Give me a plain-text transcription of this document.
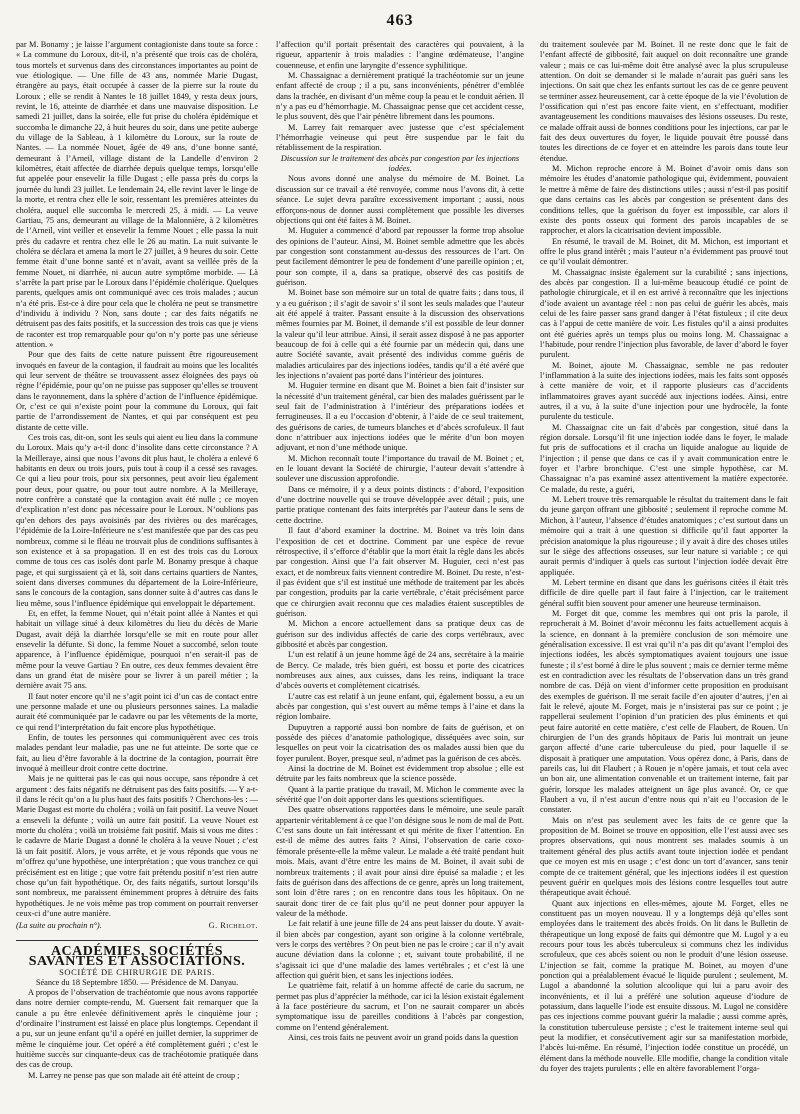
463

par M. Bonamy ; je laisse l’argument contagioniste dans toute sa force : « La commune du Loroux, dit-il, n’a présenté que trois cas de choléra, tous mortels et survenus dans des circonstances importantes au point de vue étiologique. — Une fille de 43 ans, nommée Marie Dugast, étrangère au pays, était occupée à casser de la pierre sur la route du Loroux ; elle se rendit à Nantes le 18 juillet 1849, y resta deux jours, revint, le 16, atteinte de diarrhée et dans une mauvaise disposition. Le samedi 21 juillet, dans la soirée, elle fut prise du choléra épidémique et succomba le dimanche 22, à huit heures du soir, dans une petite auberge du village de la Sableau, à 1 kilomètre du Loroux, sur la route de Nantes. — La nommée Nouet, âgée de 49 ans, d’une bonne santé, demeurant à l’Arneil, village distant de la Landelle d’environ 2 kilomètres, était affectée de diarrhée depuis quelque temps, lorsqu’elle fut appelée pour ensevelir la fille Dugast ; elle passa près du corps la journée du lundi 23 juillet. Le lendemain 24, elle revint laver le linge de la morte, et rentra chez elle le soir, ressentant les premières atteintes du choléra, auquel elle succomba le mercredi 25, à midi. — La veuve Gartiau, 75 ans, demeurant au village de la Malonnière, à 2 kilomètres de l’Arneil, vint veiller et ensevelir la femme Nouet ; elle passa la nuit près du cadavre et rentra chez elle le 26 au matin. La nuit suivante le choléra se déclara et amena la mort le 27 juillet, à 9 heures du soir. Cette femme était d’une bonne santé et n’avait, avant sa veillée près de la femme Nouet, ni diarrhée, ni aucun autre symptôme morbide. — Là s’arrête la part prise par le Loroux dans l’épidémie cholérique. Quelques parents, quelques amis ont communiqué avec ces trois malades ; aucun n’a été pris. Est-ce à dire pour cela que le choléra ne peut se transmettre d’individu à individu ? Non, sans doute ; car des faits négatifs ne détruisent pas des faits positifs, et la succession des trois cas que je viens de raconter est trop remarquable pour qu’on n’y porte pas une sérieuse attention. »

Pour que des faits de cette nature puissent être rigoureusement invoqués en faveur de la contagion, il faudrait au moins que les localités qui leur servent de théâtre se trouvassent assez éloignées des pays où règne l’épidémie, pour qu’on ne puisse pas supposer qu’elles se trouvent dans le rayonnement, dans la sphère d’action de l’influence épidémique. Or, c’est ce qui n’existe point pour la commune du Loroux, qui fait partie de l’arrondissement de Nantes, et qui par conséquent est peu distante de cette ville.

Ces trois cas, dit-on, sont les seuls qui aient eu lieu dans la commune du Loroux. Mais qu’y a-t-il donc d’insolite dans cette circonstance ? A la Meilleraye, ainsi que nous l’avons dit plus haut, le choléra a enlevé 6 habitants en deux ou trois jours, puis tout à coup il a cessé ses ravages. Ce qui a lieu pour trois, pour six personnes, peut avoir lieu également pour deux, pour quatre, ou pour tout autre nombre. A la Meilleraye, notre confrère a constaté que la contagion avait été nulle ; ce moyen d’explication n’est donc pas nécessaire pour le Loroux. N’oublions pas qu’en dehors des pays avoisinés par des rivières ou des marécages, l’épidémie de la Loire-Inférieure ne s’est manifestée que par des cas peu nombreux, comme si le fléau ne trouvait plus de conditions suffisantes à son existence et à sa propagation. Il en est des trois cas du Loroux comme de tous ces cas isolés dont parle M. Bonamy presque à chaque page, et qui surgissaient çà et là, soit dans certains quartiers de Nantes, soient dans diverses communes du département de la Loire-Inférieure, sans le concours de la contagion, sans donner suite à d’autres cas dans le lieu même, sous l’influence épidémique qui enveloppait le département.

Et, en effet, la femme Nouet, qui n’était point allée à Nantes et qui habitait un village situé à deux kilomètres du lieu du décès de Marie Dugast, avait déjà la diarrhée lorsqu’elle se mit en route pour aller ensevelir la défunte. Si donc, la femme Nouet a succombé, selon toute apparence, à l’influence épidémique, pourquoi n’en serait-il pas de même pour la veuve Gartiau ? En outre, ces deux femmes devaient être dans un grand état de misère pour se livrer à un pareil métier ; la dernière avait 75 ans.

Il faut noter encore qu’il ne s’agit point ici d’un cas de contact entre une personne malade et une ou plusieurs personnes saines. La maladie aurait été communiquée par le cadavre ou par les vêtements de la morte, ce qui rend l’interprétation du fait encore plus hypothétique.

Enfin, de toutes les personnes qui communiquèrent avec ces trois malades pendant leur maladie, pas une ne fut atteinte. De sorte que ce fait, au lieu d’être favorable à la doctrine de la contagion, pourrait être invoqué à meilleur droit contre cette doctrine.

Mais je ne quitterai pas le cas qui nous occupe, sans répondre à cet argument : des faits négatifs ne détruisent pas des faits positifs. — Y a-t-il dans le récit qu’on a lu plus haut des faits positifs ? Cherchons-les : — Marie Dugast est morte du choléra ; voilà un fait positif. La veuve Nouet a enseveli la défunte ; voilà un autre fait positif. La veuve Nouet est morte du choléra ; voilà un troisième fait positif. Mais si vous me dites : le cadavre de Marie Dugast a donné le choléra à la veuve Nouet ; c’est là un fait positif. Alors, je vous arrête, et je vous réponds que vous ne m’offrez qu’une hypothèse, une interprétation ; que vous tranchez ce qui précisément est en litige ; que votre fait prétendu positif n’est rien autre chose qu’un fait hypothétique. Or, des faits négatifs, surtout lorsqu’ils sont nombreux, me paraissent éminemment propres à détruire des faits hypothétiques. Je ne vois même pas trop comment on pourrait renverser ceux-ci d’une autre manière.

(La suite au prochain n°).	G. Richelot.

ACADÉMIES, SOCIÉTÉS SAVANTES ET ASSOCIATIONS.

SOCIÉTÉ DE CHIRURGIE DE PARIS.

Séance du 18 Septembre 1850. — Présidence de M. Danyau.

A propos de l’observation de trachéotomie que nous avons rapportée dans notre dernier compte-rendu, M. Guersent fait remarquer que la canule a pu être enlevée définitivement après le cinquième jour ; d’ordinaire l’instrument est laissé en place plus longtemps. Cependant il a pu, sur un jeune enfant qu’il a opéré en juillet dernier, la supprimer de même le cinquième jour. Cet opéré a été complètement guéri ; c’est le huitième succès sur cinquante-deux cas de trachéotomie pratiquée dans des cas de croup.

M. Larrey ne pense pas que son malade ait été atteint de croup ;

l’affection qu’il portait présentait des caractères qui pouvaient, à la rigueur, appartenir à trois maladies : l’angine œdémateuse, l’angine couenneuse, et enfin une laryngite d’essence syphilitique.

M. Chassaignac a dernièrement pratiqué la trachéotomie sur un jeune enfant affecté de croup ; il a pu, sans inconvénients, pénétrer d’emblée dans la trachée, en divisant d’un même coup la peau et le conduit aérien. Il n’y a pas eu d’hémorrhagie. M. Chassaignac pense que cet accident cesse, le plus souvent, dès que l’air pénètre librement dans les poumons.

M. Larrey fait remarquer avec justesse que c’est spécialement l’hémorrhagie veineuse qui peut être suspendue par le fait du rétablissement de la respiration.

Discussion sur le traitement des abcès par congestion par les injections iodées.

Nous avons donné une analyse du mémoire de M. Boinet. La discussion sur ce travail a été renvoyée, comme nous l’avons dit, à cette séance. Le sujet devra paraître excessivement important ; aussi, nous efforçons-nous de donner aussi complètement que possible les diverses objections qui ont été faites à M. Boinet.

M. Huguier a commencé d’abord par repousser la forme trop absolue des opinions de l’auteur. Ainsi, M. Boinet semble admettre que les abcès par congestion sont constamment au-dessus des ressources de l’art. On peut facilement démontrer le peu de fondement d’une pareille opinion ; et, pour son compte, il a, dans sa pratique, observé des cas positifs de guérison.

M. Boinet base son mémoire sur un total de quatre faits ; dans tous, il y a eu guérison ; il s’agit de savoir s’ il sont les seuls malades que l’auteur ait été appelé à traiter. Passant ensuite à la discussion des observations mêmes fournies par M. Boinet, il demande s’il est possible de leur donner la valeur qu’il leur attribue. Ainsi, il serait assez disposé à ne pas apporter beaucoup de foi à celle qui a été fournie par un médecin qui, dans une autre Société savante, avait présenté des individus comme guéris de maladies articulaires par des injections iodées, tandis qu’il a été avéré que les injections n’avaient pas porté dans l’intérieur des jointures.

M. Huguier termine en disant que M. Boinet a bien fait d’insister sur la nécessité d’un traitement général, car bien des malades guérissent par le seul fait de l’administration à l’intérieur des préparations iodées et ferrugineuses. Il a eu l’occasion d’obtenir, à l’aide de ce seul traitement, des guérisons de caries, de tumeurs blanches et d’abcès scrofuleux. Il faut donc n’attribuer aux injections iodées que le mérite d’un bon moyen adjuvant, et non d’une méthode unique.

M. Michon reconnaît toute l’importance du travail de M. Boinet ; et, en le louant devant la Société de chirurgie, l’auteur devait s’attendre à soulever une discussion approfondie.

Dans ce mémoire, il y a deux points distincts : d’abord, l’exposition d’une doctrine nouvelle qui se trouve développée avec détail ; puis, une partie pratique contenant des faits interprétés par l’auteur dans le sens de cette doctrine.

Il faut d’abord examiner la doctrine. M. Boinet va très loin dans l’exposition de cet et doctrine. Comment par une espèce de revue rétrospective, il s’efforce d’établir que la mort était la règle dans les abcès par congestion. Ainsi que l’a fait observer M. Huguier, ceci n’est pas exact, et de nombreux faits viennent contredire M. Boinet. Du reste, n’est-il pas évident que s’il est institué une méthode de traitement par les abcès par congestion, produits par la carie vertébrale, c’était précisément parce que ce chirurgien avait reconnu que ces maladies étaient susceptibles de guérison.

M. Michon a encore actuellement dans sa pratique deux cas de guérison sur des individus affectés de carie des corps vertébraux, avec gibbosité et abcès par congestion.

L’un est relatif à un jeune homme âgé de 24 ans, secrétaire à la mairie de Bercy. Ce malade, très bien guéri, est bossu et porte des cicatrices nombreuses aux aines, aux cuisses, dans les reins, indiquant la trace d’abcès ouverts et complètement cicatrisés.

L’autre cas est relatif à un jeune enfant, qui, également bossu, a eu un abcès par congestion, qui s’est ouvert au même temps à l’aine et dans la région lombaire.

Dupuytren a rapporté aussi bon nombre de faits de guérison, et on possède des pièces d’anatomie pathologique, disséquées avec soin, sur lesquelles on peut voir la cicatrisation des os malades aussi bien que du foyer purulent. Boyer, presque seul, n’admet pas la guérison de ces abcès.

Ainsi la doctrine de M. Boinet est évidemment trop absolue ; elle est détruite par les faits nombreux que la science possède.

Quant à la partie pratique du travail, M. Michon le commente avec la sévérité que l’on doit apporter dans les questions scientifiques.

Des quatre observations rapportées dans le mémoire, une seule paraît appartenir véritablement à ce que l’on désigne sous le nom de mal de Pott. C’est sans doute un fait intéressant et qui mérite de fixer l’attention. En est-il de même des autres faits ? Ainsi, l’observation de carie coxo-fémorale présente-elle la même valeur. Le malade a été traité pendant huit mois. Mais, avant d’être entre les mains de M. Boinet, il avait subi de nombreux traitements ; il avait pour ainsi dire épuisé sa maladie ; et les faits de guérison dans des affections de ce genre, après un long traitement, sont loin d’être rares ; on en rencontre dans tous les hôpitaux. On ne saurait donc tirer de ce fait plus qu’il ne peut donner pour appuyer la valeur de la méthode.

Le fait relatif à une jeune fille de 24 ans peut laisser du doute. Y avait-il bien abcès par congestion, ayant son origine à la colonne vertébrale, vers le corps des vertèbres ? On peut bien ne pas le croire ; car il n’y avait aucune déviation dans la colonne ; et, suivant toute probabilité, il ne s’agissait ici que d’une maladie des lames vertébrales ; et c’est là une affection qui guérit bien, et sans les injections iodées.

Le quatrième fait, relatif à un homme affecté de carie du sacrum, ne permet pas plus d’apprécier la méthode, car ici la lésion existait également à la face postérieure du sacrum, et l’on ne saurait comparer un abcès symptomatique issu de pareilles conditions à l’abcès par congestion, comme on l’entend généralement.

Ainsi, ces trois faits ne peuvent avoir un grand poids dans la question

du traitement soulevée par M. Boinet. Il ne reste donc que le fait de l’enfant affecté de gibbosité, fait auquel on doit reconnaître une grande valeur ; mais ce cas lui-même doit être analysé avec la plus scrupuleuse attention. On doit se demander si le malade n’aurait pas guéri sans les injections. On sait que chez les enfants surtout les cas de ce genre peuvent se terminer assez heureusement, car à cette époque de la vie l’évolution de l’ossification qui n’est pas encore faite vient, en s’effectuant, modifier avantageusement les conditions mauvaises des lésions osseuses. Du reste, ce malade offrait aussi de bonnes conditions pour les injections, car par le fait des deux ouvertures du foyer, le liquide pouvait être poussé dans toutes les directions de ce foyer et en atteindre les parois dans toute leur étendue.

M. Michon reproche encore à M. Boinet d’avoir omis dans son mémoire les études d’anatomie pathologique qui, évidemment, pouvaient le mettre à même de faire des distinctions utiles ; aussi n’est-il pas positif que dans certains cas les abcès par congestion se présentent dans des conditions telles, que la guérison du foyer est impossible, car alors il existe des ponts osseux qui forment des parois incapables de se rapprocher, et alors la cicatrisation devient impossible.

En résumé, le travail de M. Boinet, dit M. Michon, est important et offre le plus grand intérêt ; mais l’auteur n’a évidemment pas prouvé tout ce qu’il voulait démontrer.

M. Chassaignac insiste également sur la curabilité ; sans injections, des abcès par congestion. Il a lui-même beaucoup étudié ce point de pathologie chirurgicale, et il en est arrivé à reconnaître que les injections d’iode avaient un avantage réel : non pas celui de guérir les abcès, mais celui de les faire passer sans grand danger à l’état fistuleux ; il cite deux cas à l’appui de cette manière de voir. Les fistules qu’il a ainsi produites ont été guéries après un temps plus ou moins long. M. Chassaignac a l’habitude, pour rendre l’injection plus favorable, de laver d’abord le foyer purulent.

M. Boinet, ajoute M. Chassaignac, semble ne pas redouter l’inflammation à la suite des injections iodées, mais les faits sont opposés à cette manière de voir, et il rapporte plusieurs cas d’accidents inflammatoires graves ayant succédé aux injections iodées. Ainsi, entre autres, il a vu, à la suite d’une injection pour une hydrocèle, la fonte purulente du testicule.

M. Chassaignac cite un fait d’abcès par congestion, situé dans la région dorsale. Lorsqu’il fit une injection iodée dans le foyer, le malade fut pris de suffocations et il cracha un liquide analogue au liquide de l’injection ; il pense que dans ce cas il y avait communication entre le foyer et l’arbre bronchique. C’est une simple hypothèse, car M. Chassaignac n’a pas examiné assez attentivement la matière expectorée. Ce malade, du reste, a guéri,

M. Lebert trouve très remarquable le résultat du traitement dans le fait du jeune garçon offrant une gibbosité ; seulement il reproche comme M. Michon, à l’auteur, l’absence d’études anatomiques ; c’est surtout dans un mémoire qui a trait à une question si difficile qu’il faut apporter la précision anatomique la plus rigoureuse ; il y avait à dire des choses utiles sur le siège des affections osseuses, sur leur nature si variable ; ce qui aurait permis d’indiquer à quels cas surtout l’injection iodée devait être appliquée.

M. Lebert termine en disant que dans les guérisons citées il était très difficile de dire quelle part il faut faire à l’injection, car le traitement général suffit bien souvent pour amener une heureuse terminaison.

M. Forget dit que, comme les membres qui ont pris la parole, il reprocherait à M. Boinet d’avoir méconnu les faits actuellement acquis à la science, en donnant à la première conclusion de son mémoire une généralisation excessive. Il est vrai qu’il n’a pas dit qu’avant l’emploi des injections iodées, les abcès symptomatiques avaient toujours une issue funeste ; il s’est borné à dire le plus souvent ; mais ce dernier terme même est en contradiction avec les résultats de l’observation dans un très grand nombre de cas. Déjà on vient d’informer cette proposition en produisant des exemples de guérison. Il me serait facile d’en ajouter d’autres, j’en ai fait le relevé, ajoute M. Forget, mais je n’insisterai pas sur ce point ; je rappellerai seulement l’opinion d’un praticien des plus éminents et qui peut faire autorité en cette matière, c’est celle de Flaubert, de Rouen. Un chirurgien de l’un des grands hôpitaux de Paris lui montrait un jeune garçon affecté d’une carie tuberculeuse du pied, pour laquelle il se disposait à pratiquer une amputation. Vous opérez donc, à Paris, dans de pareils cas, lui dit Flaubert ; à Rouen je n’opère jamais, et tout cela avec un bon air, une alimentation convenable et un traitement interne, fait par guérir, lorsque les malades atteignent un âge plus avancé. Or, ce que Flaubert a vu, il n’est aucun d’entre nous qui n’ait eu l’occasion de le constater.

Mais on n’est pas seulement avec les faits de ce genre que la proposition de M. Boinet se trouve en opposition, elle l’est aussi avec ses propres observations, qui nous montrent ses malades soumis à un traitement général des plus actifs avant toute injection iodée et pendant que ce moyen est mis en usage ; c’est donc un tort d’avancer, sans tenir compte de ce traitement général, que les injections iodées il est question peuvent guérir en quelques mois des lésions contre lesquelles tout autre thérapeutique avait échoué.

Quant aux injections en elles-mêmes, ajoute M. Forget, elles ne constituent pas un moyen nouveau. Il y a longtemps déjà qu’elles sont employées dans le traitement des abcès froids. On lit dans le Bulletin de thérapeutique un long exposé de faits qui démontre que M. Lugol y a eu recours pour tous les abcès tuberculeux si communs chez les individus scrofuleux, que ces abcès soient ou non le produit d’une lésion osseuse. L’injection se fait, comme la pratique M. Boinet, au moyen d’une ponction qui a préalablement évacué le liquide purulent ; seulement, M. Lugol a abandonné la solution alcoolique qui lui a paru avoir des inconvénients, et il lui a préféré une solution aqueuse d’iodure de potassium, dans laquelle l’iode est ensuite dissous. M. Lugol ne considère pas ces injections comme pouvant guérir la maladie ; aussi comme après, la constitution tuberculeuse persiste ; c’est le traitement interne seul qui peut la modifier, et consécutivement agir sur sa manifestation morbide, l’abcès lui-même. En résumé, l’injection iodée constitue un procédé, un élément dans la méthode nouvelle. Elle modifie, change la condition vitale du foyer des trajets purulents ; elle en altère favorablement l’orga-
